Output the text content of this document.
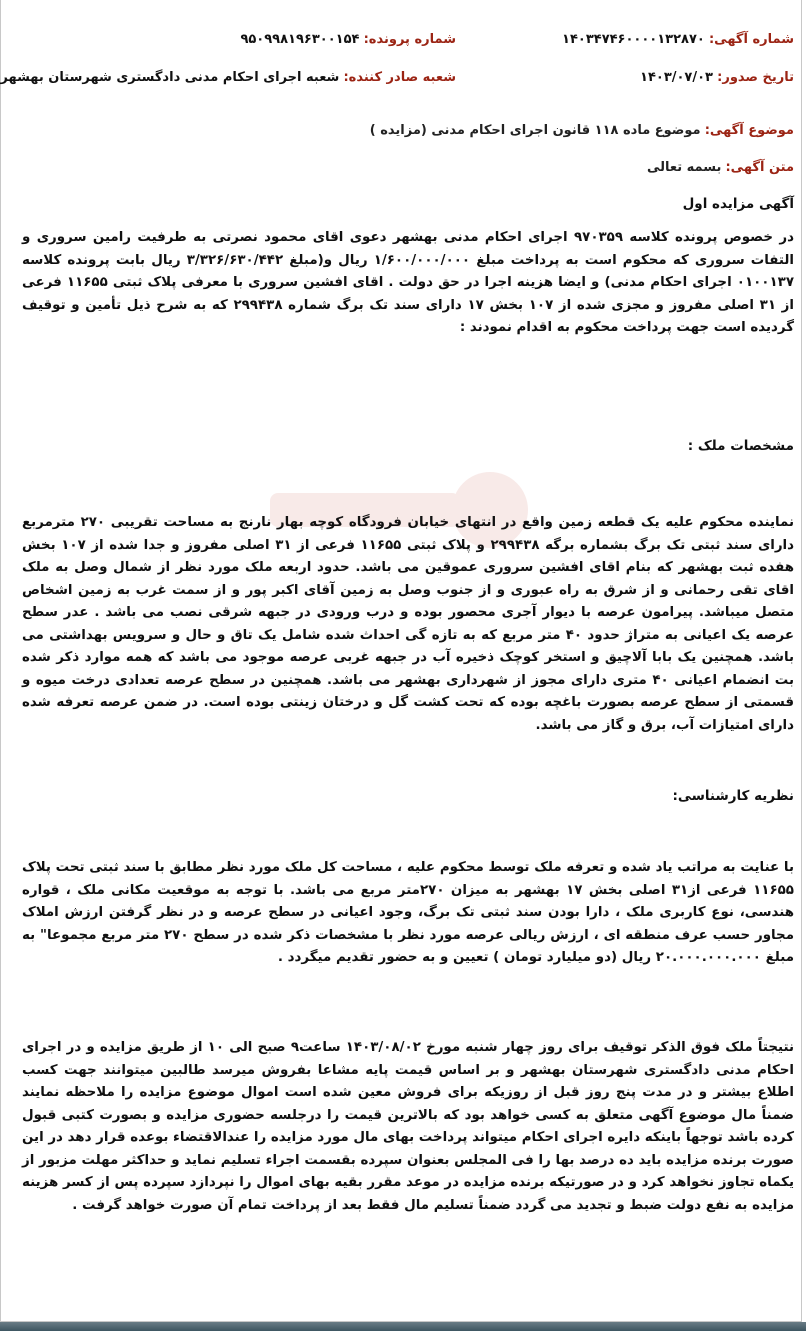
شماره آگهی: ۱۴۰۳۴۷۴۶۰۰۰۰۱۳۲۸۷۰
شماره پرونده: ۹۵۰۹۹۸۱۹۶۳۰۰۱۵۴
تاریخ صدور: ۱۴۰۳/۰۷/۰۳
شعبه صادر کننده: شعبه اجرای احکام مدنی دادگستری شهرستان بهشهر
موضوع آگهی: موضوع ماده ۱۱۸ قانون اجرای احکام مدنی (مزایده )
متن آگهی: بسمه تعالی
آگهی مزایده اول
در خصوص پرونده کلاسه ۹۷۰۳۵۹ اجرای احکام مدنی بهشهر دعوی اقای محمود نصرتی به طرفیت رامین سروری و التفات سروری که محکوم است به پرداخت مبلغ ۱/۶۰۰/۰۰۰/۰۰۰ ریال و(مبلغ ۳/۳۲۶/۶۳۰/۴۴۲ ریال بابت پرونده کلاسه ۰۱۰۰۱۳۷ اجرای احکام مدنی) و ایضا هزینه اجرا در حق دولت . اقای افشین سروری با معرفی پلاک ثبتی ۱۱۶۵۵ فرعی از ۳۱ اصلی مفروز و مجزی شده از ۱۰۷ بخش ۱۷ دارای سند تک برگ شماره ۲۹۹۴۳۸ که به شرح ذیل تأمین و توقیف گردیده است جهت پرداخت محکوم به اقدام نمودند :
مشخصات ملک :
نماینده محکوم علیه یک قطعه زمین واقع در انتهای خیابان فرودگاه کوچه بهار نارنج به مساحت تقریبی ۲۷۰ مترمربع دارای سند ثبتی تک برگ بشماره برگه ۲۹۹۴۳۸ و پلاک ثبتی ۱۱۶۵۵ فرعی از ۳۱ اصلی مفروز و جدا شده از ۱۰۷ بخش هفده ثبت بهشهر که بنام اقای افشین سروری عموقین می باشد. حدود اربعه ملک مورد نظر از شمال وصل به ملک اقای تقی رحمانی و از شرق به راه عبوری و از جنوب وصل به زمین آقای اکبر پور و از سمت غرب به زمین اشخاص متصل میباشد. پیرامون عرصه با دیوار آجری محصور بوده و درب ورودی در جبهه شرقی نصب می باشد . عدر سطح عرصه یک اعیانی به متراژ حدود ۴۰ متر مربع که به تازه گی احداث شده شامل یک تاق و حال و سرویس بهداشتی می باشد. همچنین یک بابا آلاچیق و استخر کوچک ذخیره آب در جبهه غربی عرصه موجود می باشد که همه موارد ذکر شده بت انضمام اعیانی ۴۰ متری دارای مجوز از شهرداری بهشهر می باشد. همچنین در سطح عرصه تعدادی درخت میوه و قسمتی از سطح عرصه بصورت باغچه بوده که تحت کشت گل و درختان زینتی بوده است. در ضمن عرصه تعرفه شده دارای امتیازات آب، برق و گاز می باشد.
نظریه کارشناسی:
با عنایت به مراتب یاد شده و تعرفه ملک توسط محکوم علیه ، مساحت کل ملک مورد نظر مطابق با سند ثبتی تحت پلاک ۱۱۶۵۵ فرعی از۳۱ اصلی بخش ۱۷ بهشهر به میزان ۲۷۰متر مربع می باشد. با توجه به موقعیت مکانی ملک ، قواره هندسی، نوع کاربری ملک ، دارا بودن سند ثبتی تک برگ، وجود اعیانی در سطح عرصه و در نظر گرفتن ارزش املاک مجاور حسب عرف منطقه ای ، ارزش ریالی عرصه مورد نظر با مشخصات ذکر شده در سطح ۲۷۰ متر مربع مجموعا" به مبلغ ۲۰.۰۰۰.۰۰۰.۰۰۰ ریال (دو میلیارد تومان ) تعیین و به حضور تقدیم میگردد .
نتیجتاً ملک فوق الذکر توقیف برای روز چهار شنبه مورخ ۱۴۰۳/۰۸/۰۲ ساعت۹ صبح الی ۱۰ از طریق مزایده و در اجرای احکام مدنی دادگستری شهرستان بهشهر و بر اساس قیمت پایه مشاعا بفروش میرسد طالبین میتوانند جهت کسب اطلاع بیشتر و در مدت پنج روز قبل از روزیکه برای فروش معین شده است اموال موضوع مزایده را ملاحظه نمایند ضمناً مال موضوع آگهی متعلق به کسی خواهد بود که بالاترین قیمت را درجلسه حضوری مزایده و بصورت کتبی قبول کرده باشد توجهاً باینکه دایره اجرای احکام میتواند پرداخت بهای مال مورد مزایده را عندالاقتضاء بوعده قرار دهد در این صورت برنده مزایده باید ده درصد بها را فی المجلس بعنوان سپرده بقسمت اجراء تسلیم نماید و حداکثر مهلت مزبور از یکماه تجاوز نخواهد کرد و در صورتیکه برنده مزایده در موعد مقرر بقیه بهای اموال را نپردازد سپرده پس از کسر هزینه مزایده به نفع دولت ضبط و تجدید می گردد ضمناً تسلیم مال فقط بعد از پرداخت تمام آن صورت خواهد گرفت .
